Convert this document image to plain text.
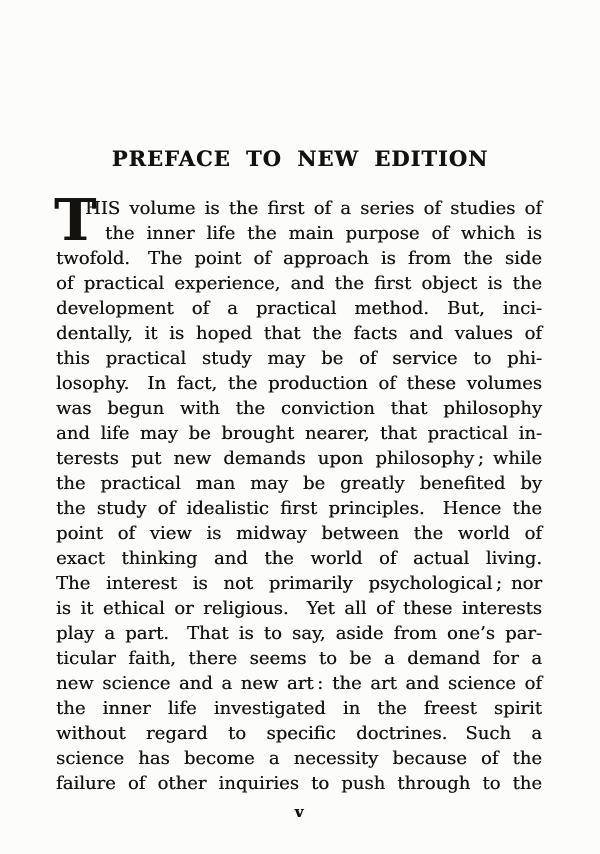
PREFACE TO NEW EDITION
T
HIS volume is the first of a series of studies of
the inner life the main purpose of which is
twofold. The point of approach is from the side
of practical experience, and the first object is the
development of a practical method. But, inci-
dentally, it is hoped that the facts and values of
this practical study may be of service to phi-
losophy. In fact, the production of these volumes
was begun with the conviction that philosophy
and life may be brought nearer, that practical in-
terests put new demands upon philosophy ; while
the practical man may be greatly benefited by
the study of idealistic first principles. Hence the
point of view is midway between the world of
exact thinking and the world of actual living.
The interest is not primarily psychological ; nor
is it ethical or religious. Yet all of these interests
play a part. That is to say, aside from one’s par-
ticular faith, there seems to be a demand for a
new science and a new art : the art and science of
the inner life investigated in the freest spirit
without regard to specific doctrines. Such a
science has become a necessity because of the
failure of other inquiries to push through to the
v
